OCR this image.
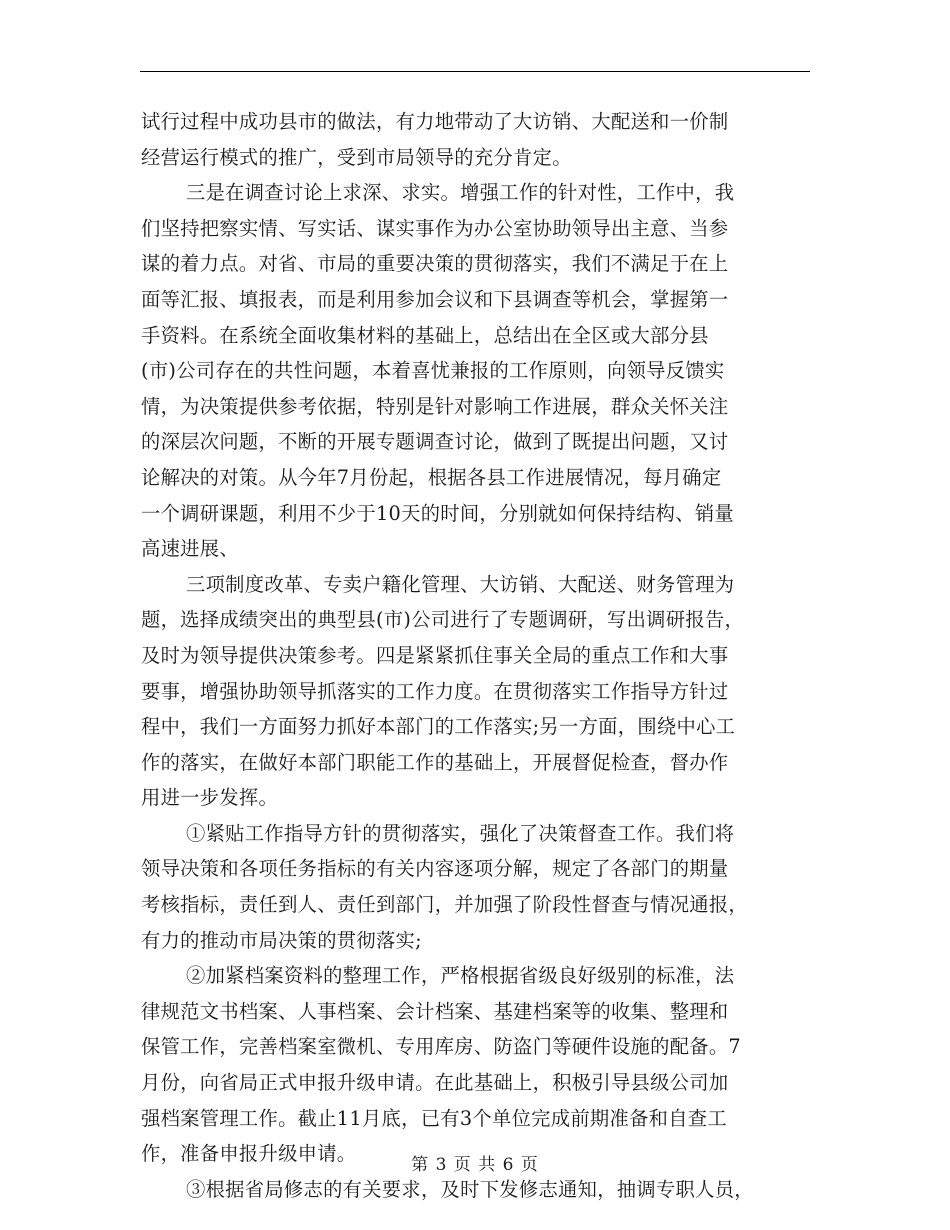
试行过程中成功县市的做法，有力地带动了大访销、大配送和一价制
经营运行模式的推广，受到市局领导的充分肯定。
三是在调查讨论上求深、求实。增强工作的针对性，工作中，我
们坚持把察实情、写实话、谋实事作为办公室协助领导出主意、当参
谋的着力点。对省、市局的重要决策的贯彻落实，我们不满足于在上
面等汇报、填报表，而是利用参加会议和下县调查等机会，掌握第一
手资料。在系统全面收集材料的基础上，总结出在全区或大部分县
(市)公司存在的共性问题，本着喜忧兼报的工作原则，向领导反馈实
情，为决策提供参考依据，特别是针对影响工作进展，群众关怀关注
的深层次问题，不断的开展专题调查讨论，做到了既提出问题，又讨
论解决的对策。从今年7月份起，根据各县工作进展情况，每月确定
一个调研课题，利用不少于10天的时间，分别就如何保持结构、销量
高速进展、
三项制度改革、专卖户籍化管理、大访销、大配送、财务管理为
题，选择成绩突出的典型县(市)公司进行了专题调研，写出调研报告，
及时为领导提供决策参考。四是紧紧抓住事关全局的重点工作和大事
要事，增强协助领导抓落实的工作力度。在贯彻落实工作指导方针过
程中，我们一方面努力抓好本部门的工作落实;另一方面，围绕中心工
作的落实，在做好本部门职能工作的基础上，开展督促检查，督办作
用进一步发挥。
①紧贴工作指导方针的贯彻落实，强化了决策督查工作。我们将
领导决策和各项任务指标的有关内容逐项分解，规定了各部门的期量
考核指标，责任到人、责任到部门，并加强了阶段性督查与情况通报，
有力的推动市局决策的贯彻落实;
②加紧档案资料的整理工作，严格根据省级良好级别的标准，法
律规范文书档案、人事档案、会计档案、基建档案等的收集、整理和
保管工作，完善档案室微机、专用库房、防盗门等硬件设施的配备。7
月份，向省局正式申报升级申请。在此基础上，积极引导县级公司加
强档案管理工作。截止11月底，已有3个单位完成前期准备和自查工
作，准备申报升级申请。
③根据省局修志的有关要求，及时下发修志通知，抽调专职人员，
第 3 页 共 6 页
